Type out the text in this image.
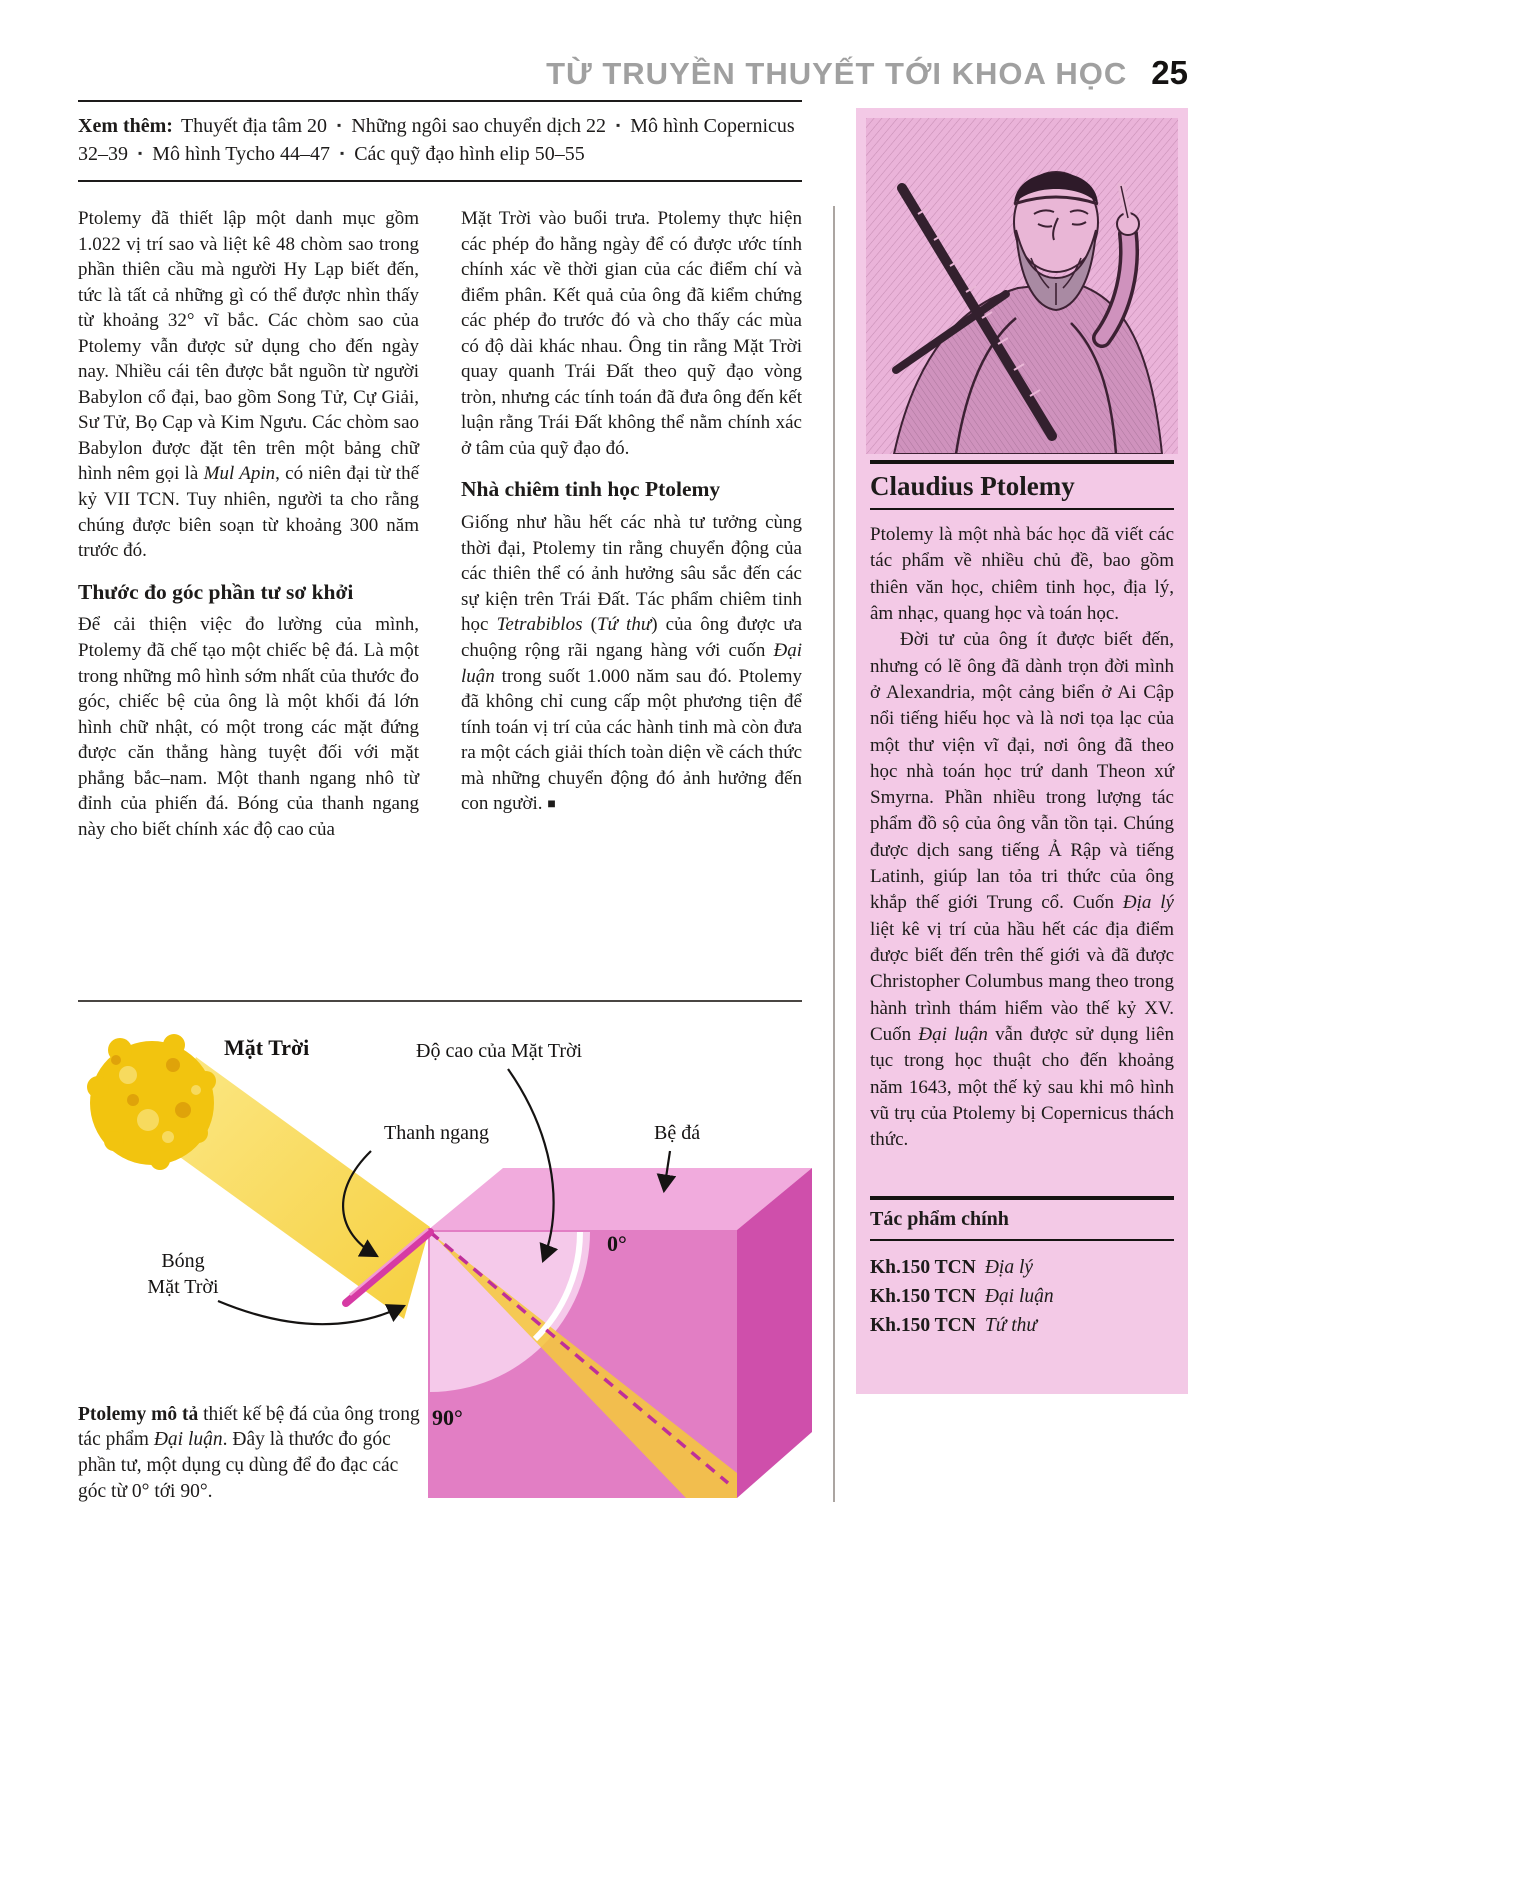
TỪ TRUYỀN THUYẾT TỚI KHOA HỌC 25
Xem thêm: Thuyết địa tâm 20 ▪ Những ngôi sao chuyển dịch 22 ▪ Mô hình Copernicus 32–39 ▪ Mô hình Tycho 44–47 ▪ Các quỹ đạo hình elip 50–55

Ptolemy đã thiết lập một danh mục gồm 1.022 vị trí sao và liệt kê 48 chòm sao trong phần thiên cầu mà người Hy Lạp biết đến, tức là tất cả những gì có thể được nhìn thấy từ khoảng 32° vĩ bắc. Các chòm sao của Ptolemy vẫn được sử dụng cho đến ngày nay. Nhiều cái tên được bắt nguồn từ người Babylon cổ đại, bao gồm Song Tử, Cự Giải, Sư Tử, Bọ Cạp và Kim Ngưu. Các chòm sao Babylon được đặt tên trên một bảng chữ hình nêm gọi là Mul Apin, có niên đại từ thế kỷ VII TCN. Tuy nhiên, người ta cho rằng chúng được biên soạn từ khoảng 300 năm trước đó.

Thước đo góc phần tư sơ khởi

Để cải thiện việc đo lường của mình, Ptolemy đã chế tạo một chiếc bệ đá. Là một trong những mô hình sớm nhất của thước đo góc, chiếc bệ của ông là một khối đá lớn hình chữ nhật, có một trong các mặt đứng được căn thẳng hàng tuyệt đối với mặt phẳng bắc–nam. Một thanh ngang nhô từ đỉnh của phiến đá. Bóng của thanh ngang này cho biết chính xác độ cao của

Mặt Trời vào buổi trưa. Ptolemy thực hiện các phép đo hằng ngày để có được ước tính chính xác về thời gian của các điểm chí và điểm phân. Kết quả của ông đã kiểm chứng các phép đo trước đó và cho thấy các mùa có độ dài khác nhau. Ông tin rằng Mặt Trời quay quanh Trái Đất theo quỹ đạo vòng tròn, nhưng các tính toán đã đưa ông đến kết luận rằng Trái Đất không thể nằm chính xác ở tâm của quỹ đạo đó.

Nhà chiêm tinh học Ptolemy

Giống như hầu hết các nhà tư tưởng cùng thời đại, Ptolemy tin rằng chuyển động của các thiên thể có ảnh hưởng sâu sắc đến các sự kiện trên Trái Đất. Tác phẩm chiêm tinh học Tetrabiblos (Tứ thư) của ông được ưa chuộng rộng rãi ngang hàng với cuốn Đại luận trong suốt 1.000 năm sau đó. Ptolemy đã không chỉ cung cấp một phương tiện để tính toán vị trí của các hành tinh mà còn đưa ra một cách giải thích toàn diện về cách thức mà những chuyển động đó ảnh hưởng đến con người. ■

Claudius Ptolemy

Ptolemy là một nhà bác học đã viết các tác phẩm về nhiều chủ đề, bao gồm thiên văn học, chiêm tinh học, địa lý, âm nhạc, quang học và toán học.

Đời tư của ông ít được biết đến, nhưng có lẽ ông đã dành trọn đời mình ở Alexandria, một cảng biển ở Ai Cập nổi tiếng hiếu học và là nơi tọa lạc của một thư viện vĩ đại, nơi ông đã theo học nhà toán học trứ danh Theon xứ Smyrna. Phần nhiều trong lượng tác phẩm đồ sộ của ông vẫn tồn tại. Chúng được dịch sang tiếng Ả Rập và tiếng Latinh, giúp lan tỏa tri thức của ông khắp thế giới Trung cổ. Cuốn Địa lý liệt kê vị trí của hầu hết các địa điểm được biết đến trên thế giới và đã được Christopher Columbus mang theo trong hành trình thám hiểm vào thế kỷ XV. Cuốn Đại luận vẫn được sử dụng liên tục trong học thuật cho đến khoảng năm 1643, một thế kỷ sau khi mô hình vũ trụ của Ptolemy bị Copernicus thách thức.

Tác phẩm chính
Kh.150 TCN Địa lý
Kh.150 TCN Đại luận
Kh.150 TCN Tứ thư
Mặt Trời	Độ cao của Mặt Trời
Thanh ngang	Bệ đá
Bóng
Mặt Trời
0°
90°

Ptolemy mô tả thiết kế bệ đá của ông trong tác phẩm Đại luận. Đây là thước đo góc phần tư, một dụng cụ dùng để đo đạc các góc từ 0° tới 90°.
